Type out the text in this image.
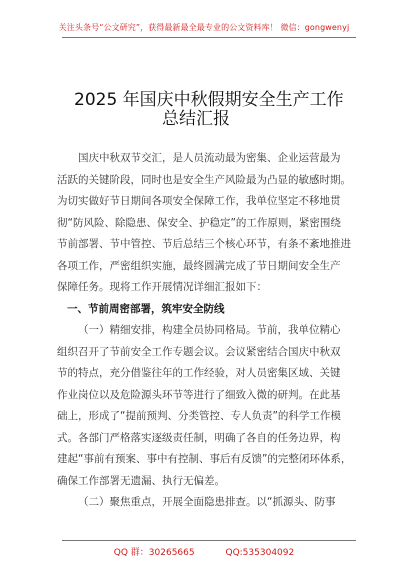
关注头条号“公文研究”，获得最新最全最专业的公文资料库！ 微信：gongwenyj
2025 年国庆中秋假期安全生产工作
总结汇报
国庆中秋双节交汇，是人员流动最为密集、企业运营最为
活跃的关键阶段，同时也是安全生产风险最为凸显的敏感时期。
为切实做好节日期间各项安全保障工作，我单位坚定不移地贯
彻“防风险、除隐患、保安全、护稳定”的工作原则，紧密围绕
节前部署、节中管控、节后总结三个核心环节，有条不紊地推进
各项工作，严密组织实施，最终圆满完成了节日期间安全生产
保障任务。现将工作开展情况详细汇报如下：
一、节前周密部署，筑牢安全防线
（一）精细安排，构建全员协同格局。节前，我单位精心
组织召开了节前安全工作专题会议。会议紧密结合国庆中秋双
节的特点，充分借鉴往年的工作经验，对人员密集区域、关键
作业岗位以及危险源头环节等进行了细致入微的研判。在此基
础上，形成了“提前预判、分类管控、专人负责”的科学工作模
式。各部门严格落实逐级责任制，明确了各自的任务边界，构
建起“事前有预案、事中有控制、事后有反馈”的完整闭环体系，
确保工作部署无遗漏、执行无偏差。
（二）聚焦重点，开展全面隐患排查。以“抓源头、防事
QQ 群：30265665	QQ:535304092
